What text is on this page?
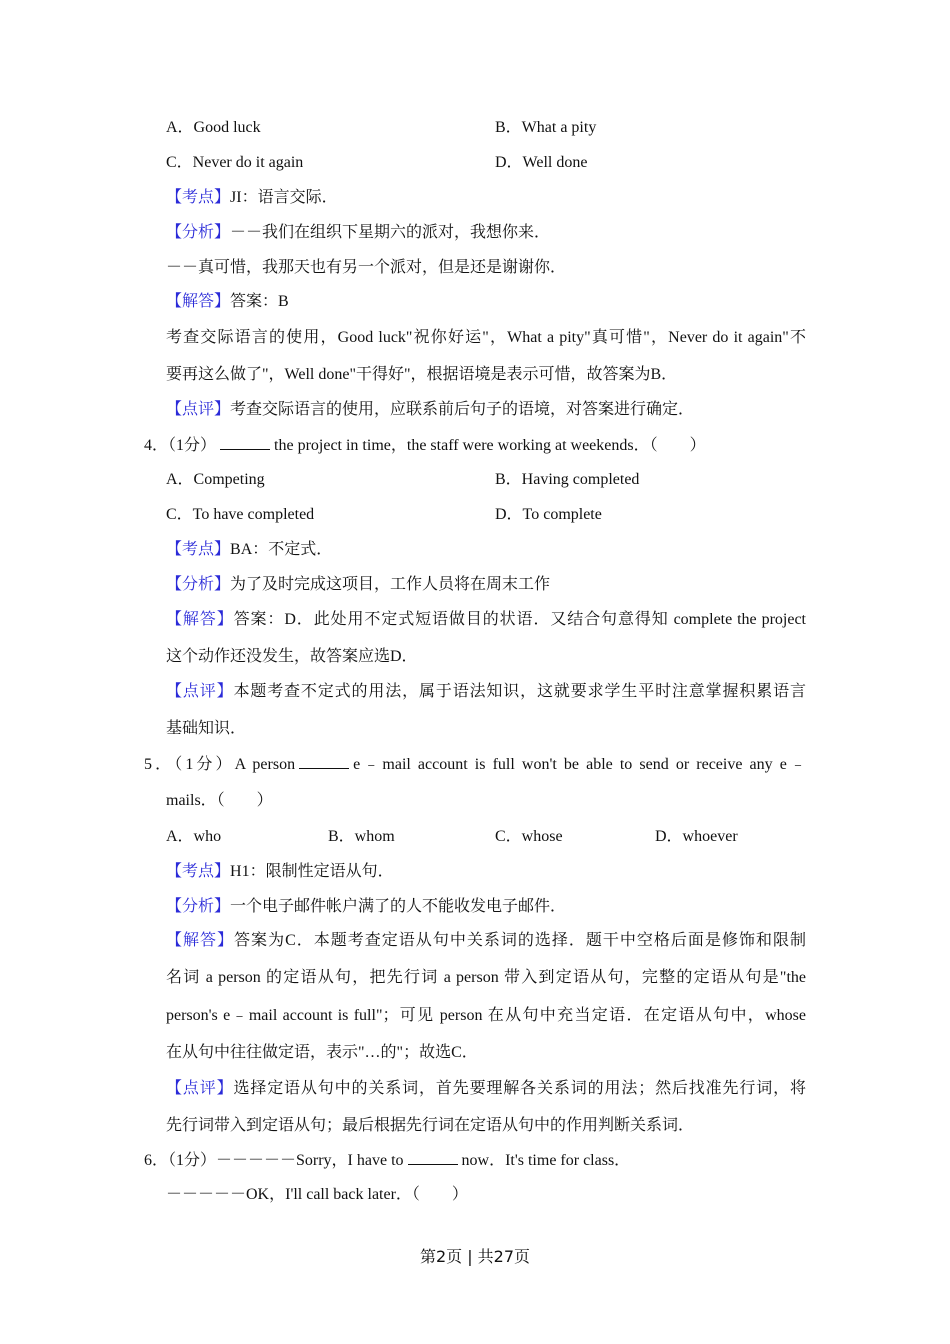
A．Good luck	B．What a pity
C．Never do it again	D．Well done
【考点】JI：语言交际．
【分析】－－我们在组织下星期六的派对，我想你来．
－－真可惜，我那天也有另一个派对，但是还是谢谢你．
【解答】答案：B
考查交际语言的使用，Good luck"祝你好运"，What a pity"真可惜"，Never do it again"不
要再这么做了"，Well done"干得好"，根据语境是表示可惜，故答案为B．
【点评】考查交际语言的使用，应联系前后句子的语境，对答案进行确定．
4．（1分）	the project in time，the staff were working at weekends．（　　）
A．Competing	B．Having completed
C．To have completed	D．To complete
【考点】BA：不定式．
【分析】为了及时完成这项目，工作人员将在周末工作
【解答】答案：D．此处用不定式短语做目的状语．又结合句意得知 complete the project
这个动作还没发生，故答案应选D．
【点评】本题考查不定式的用法，属于语法知识，这就要求学生平时注意掌握积累语言
基础知识．
5．（1分）A person	e﹣mail account is full won't be able to send or receive any e﹣
mails．（　　）
A．who	B．whom	C．whose	D．whoever
【考点】H1：限制性定语从句．
【分析】一个电子邮件帐户满了的人不能收发电子邮件．
【解答】答案为C．本题考查定语从句中关系词的选择．题干中空格后面是修饰和限制
名词 a person 的定语从句，把先行词 a person 带入到定语从句，完整的定语从句是"the
person's e﹣mail account is full"；可见 person 在从句中充当定语．在定语从句中，whose
在从句中往往做定语，表示"…的"；故选C．
【点评】选择定语从句中的关系词，首先要理解各关系词的用法；然后找准先行词，将
先行词带入到定语从句；最后根据先行词在定语从句中的作用判断关系词．
6．（1分）－－－－－Sorry，I have to	now．It's time for class．
－－－－－OK，I'll call back later．（　　）
第2页 | 共27页
